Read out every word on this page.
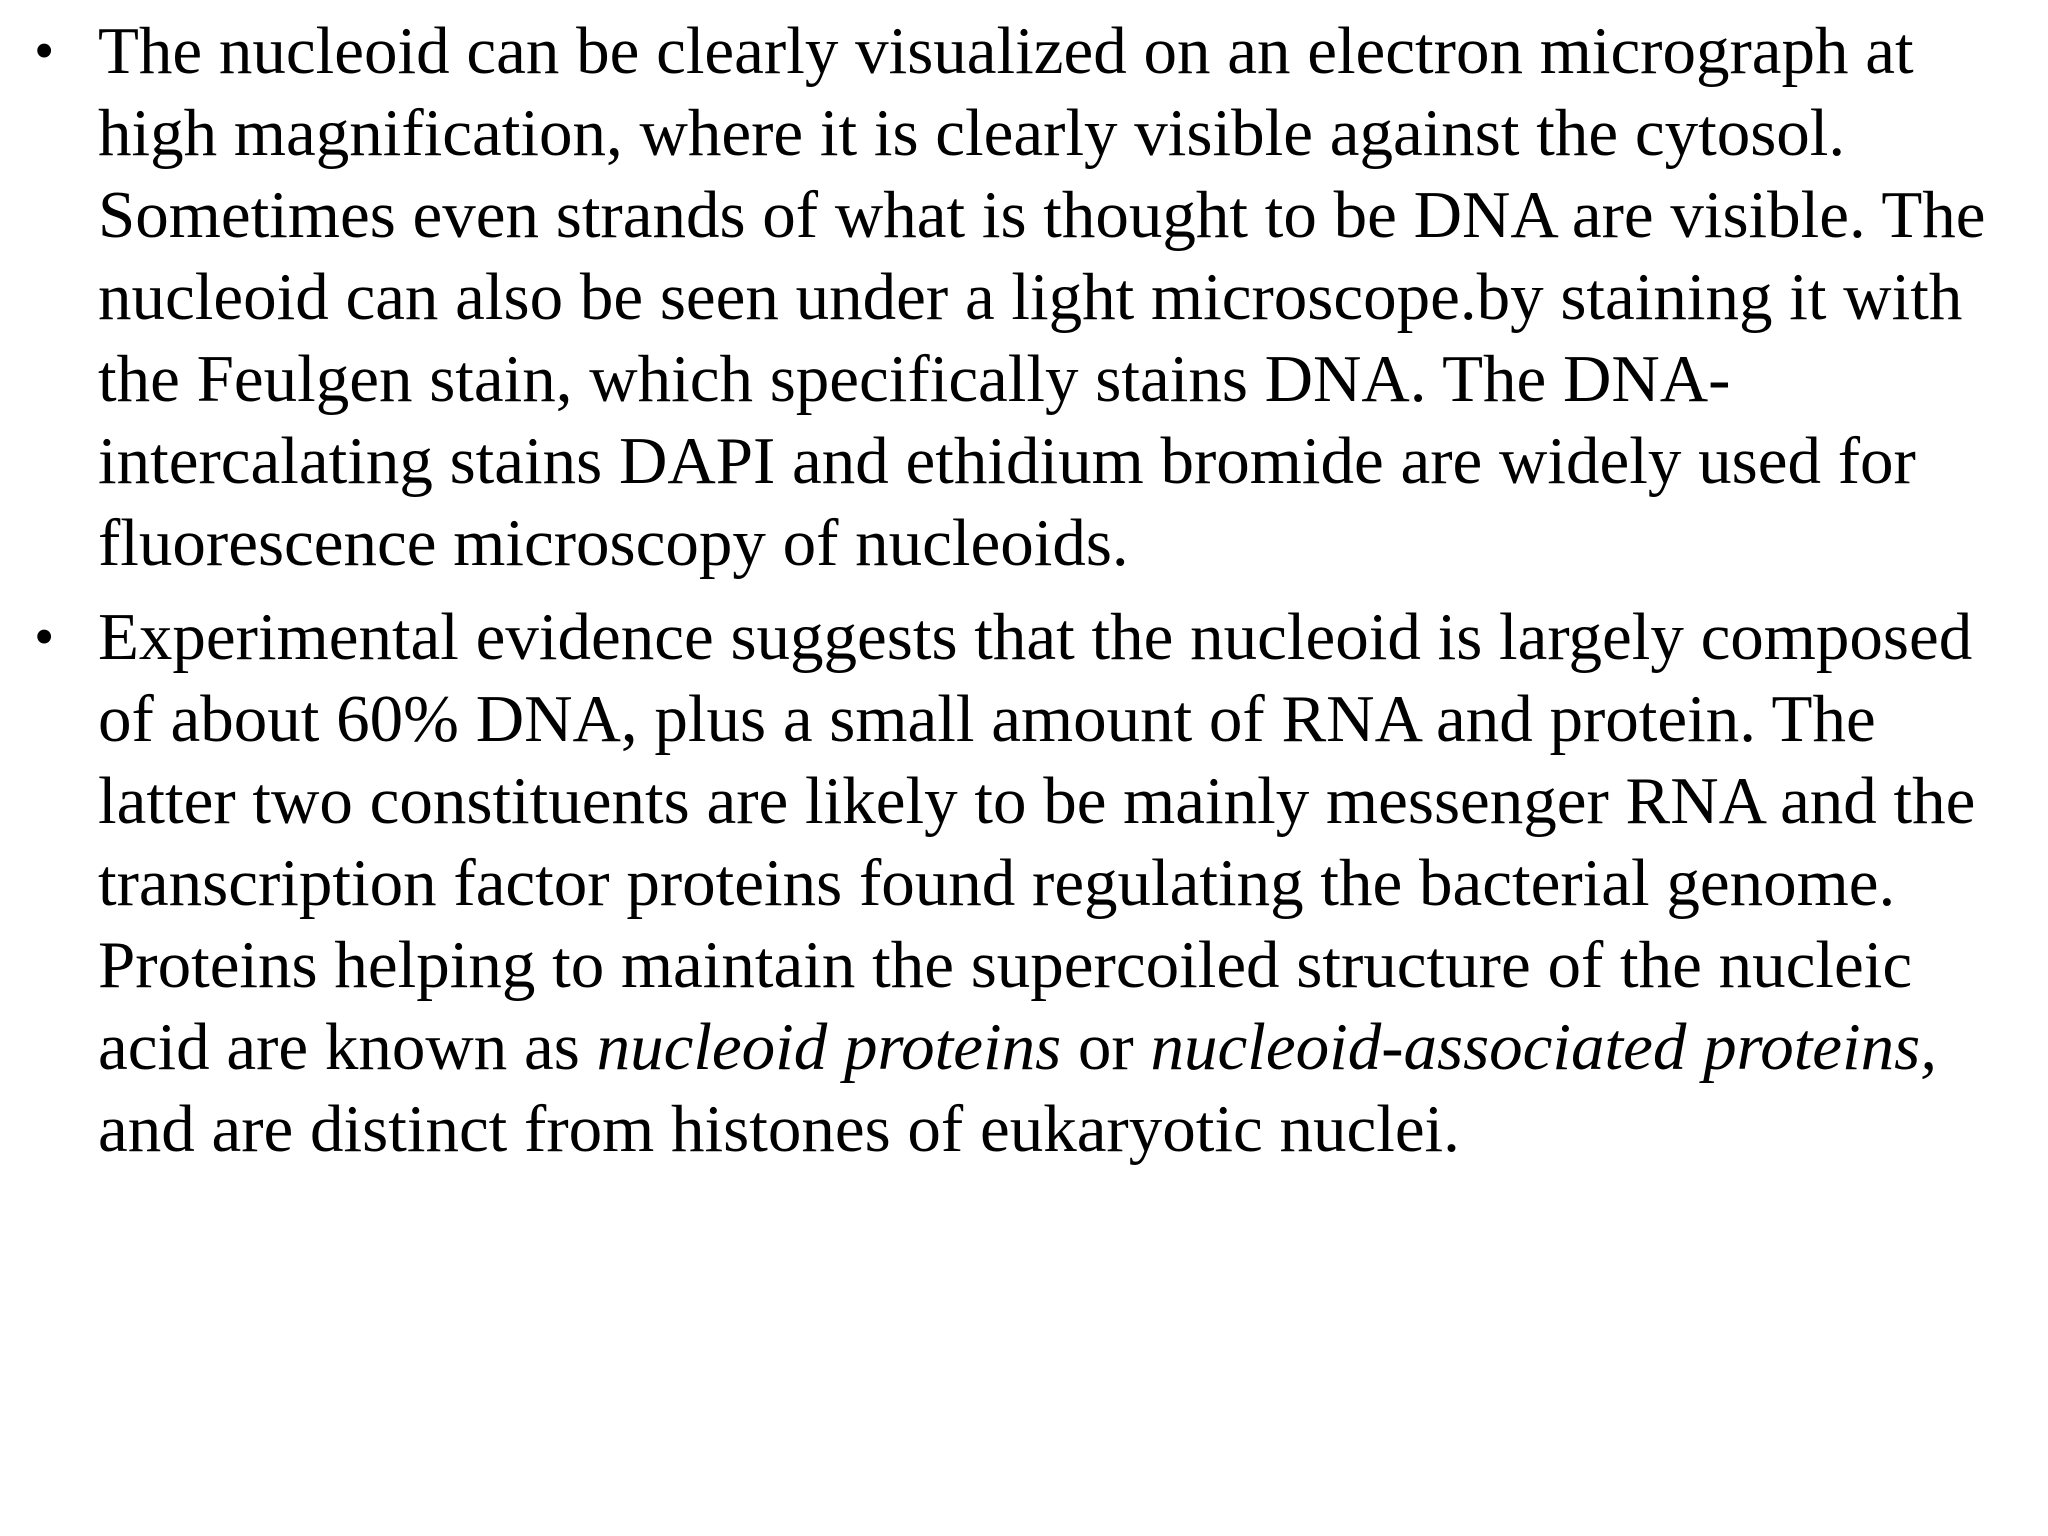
• The nucleoid can be clearly visualized on an electron micrograph at high magnification, where it is clearly visible against the cytosol. Sometimes even strands of what is thought to be DNA are visible. The nucleoid can also be seen under a light microscope.by staining it with the Feulgen stain, which specifically stains DNA. The DNA-intercalating stains DAPI and ethidium bromide are widely used for fluorescence microscopy of nucleoids.
• Experimental evidence suggests that the nucleoid is largely composed of about 60% DNA, plus a small amount of RNA and protein. The latter two constituents are likely to be mainly messenger RNA and the transcription factor proteins found regulating the bacterial genome. Proteins helping to maintain the supercoiled structure of the nucleic acid are known as nucleoid proteins or nucleoid-associated proteins, and are distinct from histones of eukaryotic nuclei.
